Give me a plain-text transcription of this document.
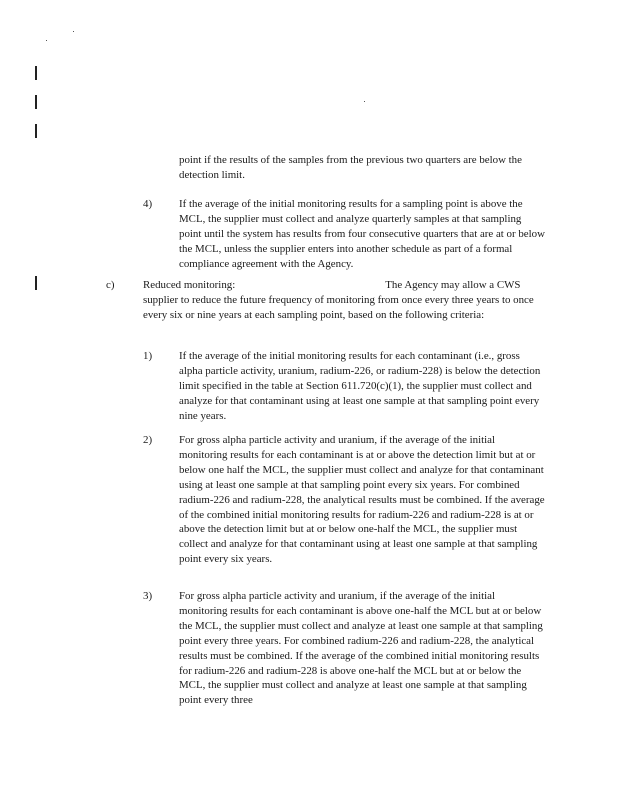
point if the results of the samples from the previous two quarters are below the detection limit.

4) If the average of the initial monitoring results for a sampling point is above the MCL, the supplier must collect and analyze quarterly samples at that sampling point until the system has results from four consecutive quarters that are at or below the MCL, unless the supplier enters into another schedule as part of a formal compliance agreement with the Agency.

c)	Reduced monitoring:	The Agency may allow a CWS supplier to reduce the future frequency of monitoring from once every three years to once every six or nine years at each sampling point, based on the following criteria:

1) If the average of the initial monitoring results for each contaminant (i.e., gross alpha particle activity, uranium, radium-226, or radium-228) is below the detection limit specified in the table at Section 611.720(c)(1), the supplier must collect and analyze for that contaminant using at least one sample at that sampling point every nine years.

2) For gross alpha particle activity and uranium, if the average of the initial monitoring results for each contaminant is at or above the detection limit but at or below one half the MCL, the supplier must collect and analyze for that contaminant using at least one sample at that sampling point every six years. For combined radium-226 and radium-228, the analytical results must be combined. If the average of the combined initial monitoring results for radium-226 and radium-228 is at or above the detection limit but at or below one-half the MCL, the supplier must collect and analyze for that contaminant using at least one sample at that sampling point every six years.

3) For gross alpha particle activity and uranium, if the average of the initial monitoring results for each contaminant is above one-half the MCL but at or below the MCL, the supplier must collect and analyze at least one sample at that sampling point every three years. For combined radium-226 and radium-228, the analytical results must be combined. If the average of the combined initial monitoring results for radium-226 and radium-228 is above one-half the MCL but at or below the MCL, the supplier must collect and analyze at least one sample at that sampling point every three
